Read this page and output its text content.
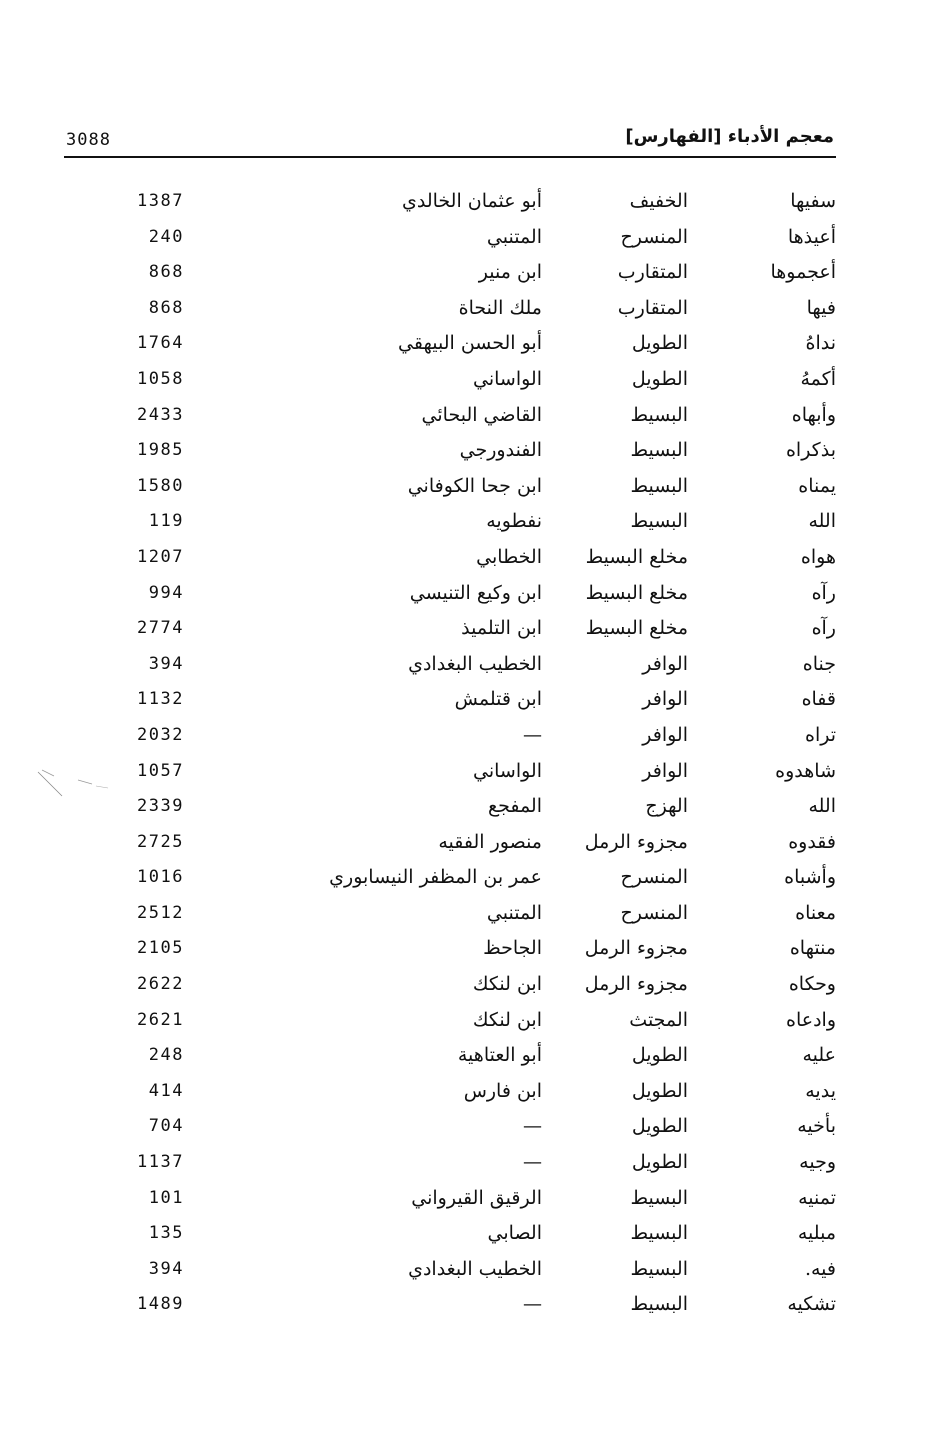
3088	معجم الأدباء [الفهارس]
سفيها
الخفيف
أبو عثمان الخالدي
1387
أعيذها
المنسرح
المتنبي
240
أعجموها
المتقارب
ابن منير
868
فيها
المتقارب
ملك النحاة
868
نداهُ
الطويل
أبو الحسن البيهقي
1764
أكمهُ
الطويل
الواساني
1058
وأبهاه
البسيط
القاضي البحائي
2433
بذكراه
البسيط
الفندورجي
1985
يمناه
البسيط
ابن جحا الكوفاني
1580
الله
البسيط
نفطويه
119
هواه
مخلع البسيط
الخطابي
1207
رآه
مخلع البسيط
ابن وكيع التنيسي
994
رآه
مخلع البسيط
ابن التلميذ
2774
جناه
الوافر
الخطيب البغدادي
394
قفاه
الوافر
ابن قتلمش
1132
تراه
الوافر
—
2032
شاهدوه
الوافر
الواساني
1057
الله
الهزج
المفجع
2339
فقدوه
مجزوء الرمل
منصور الفقيه
2725
وأشباه
المنسرح
عمر بن المظفر النيسابوري
1016
معناه
المنسرح
المتنبي
2512
منتهاه
مجزوء الرمل
الجاحظ
2105
وحكاه
مجزوء الرمل
ابن لنكك
2622
وادعاه
المجتث
ابن لنكك
2621
عليه
الطويل
أبو العتاهية
248
يديه
الطويل
ابن فارس
414
بأخيه
الطويل
—
704
وجيه
الطويل
—
1137
تمنيه
البسيط
الرقيق القيرواني
101
مبليه
البسيط
الصابي
135
فيه.
البسيط
الخطيب البغدادي
394
تشكيه
البسيط
—
1489
